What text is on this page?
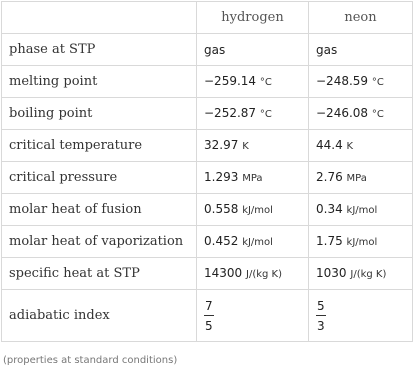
	hydrogen	neon
phase at STP	gas	gas
melting point	−259.14 °C	−248.59 °C
boiling point	−252.87 °C	−246.08 °C
critical temperature	32.97 K	44.4 K
critical pressure	1.293 MPa	2.76 MPa
molar heat of fusion	0.558 kJ/mol	0.34 kJ/mol
molar heat of vaporization	0.452 kJ/mol	1.75 kJ/mol
specific heat at STP	14300 J/(kg K)	1030 J/(kg K)
adiabatic index	$\frac{7}{5}$	$\frac{5}{3}$
(properties at standard conditions)
